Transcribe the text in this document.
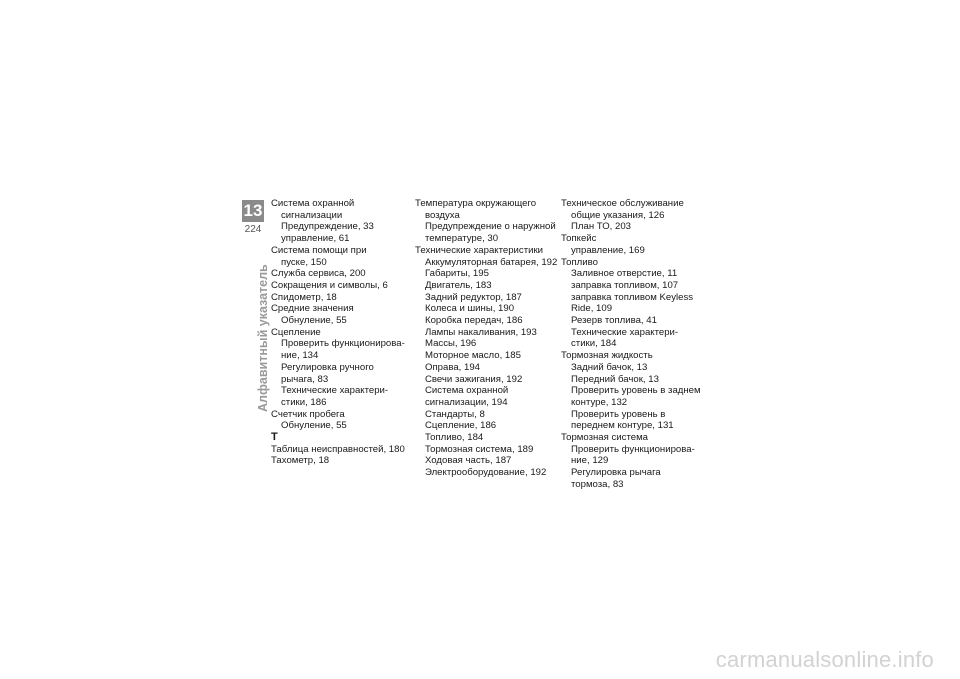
13
224
Алфавитный указатель
Система охранной
сигнализации
Предупреждение, 33
управление, 61
Система помощи при
пуске, 150
Служба сервиса, 200
Сокращения и символы, 6
Спидометр, 18
Средние значения
Обнуление, 55
Сцепление
Проверить функционирова-
ние, 134
Регулировка ручного
рычага, 83
Технические характери-
стики, 186
Счетчик пробега
Обнуление, 55
Т
Таблица неисправностей, 180
Тахометр, 18
Температура окружающего
воздуха
Предупреждение о наружной
температуре, 30
Технические характеристики
Аккумуляторная батарея, 192
Габариты, 195
Двигатель, 183
Задний редуктор, 187
Колеса и шины, 190
Коробка передач, 186
Лампы накаливания, 193
Массы, 196
Моторное масло, 185
Оправа, 194
Свечи зажигания, 192
Система охранной
сигнализации, 194
Стандарты, 8
Сцепление, 186
Топливо, 184
Тормозная система, 189
Ходовая часть, 187
Электрооборудование, 192
Техническое обслуживание
общие указания, 126
План ТО, 203
Топкейс
управление, 169
Топливо
Заливное отверстие, 11
заправка топливом, 107
заправка топливом Keyless
Ride, 109
Резерв топлива, 41
Технические характери-
стики, 184
Тормозная жидкость
Задний бачок, 13
Передний бачок, 13
Проверить уровень в заднем
контуре, 132
Проверить уровень в
переднем контуре, 131
Тормозная система
Проверить функционирова-
ние, 129
Регулировка рычага
тормоза, 83
carmanualsonline.info
